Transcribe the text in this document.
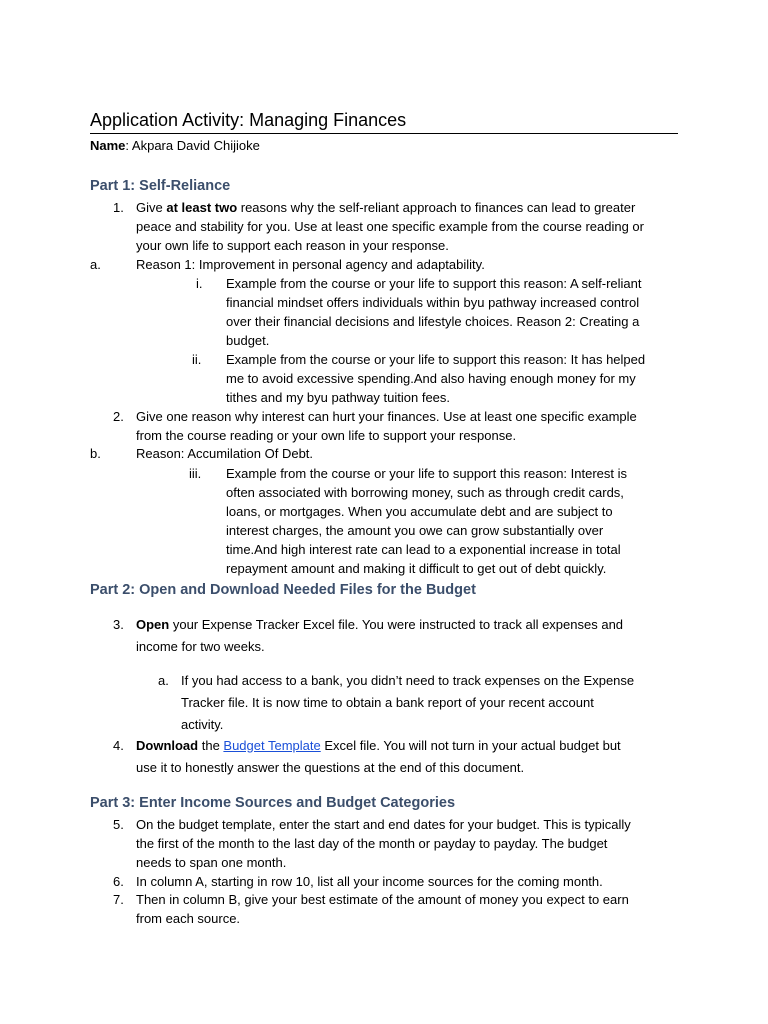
Application Activity: Managing Finances
Name: Akpara David Chijioke
Part 1: Self-Reliance
1. Give at least two reasons why the self-reliant approach to finances can lead to greater
peace and stability for you. Use at least one specific example from the course reading or
your own life to support each reason in your response.
a.	Reason 1: Improvement in personal agency and adaptability.
i. Example from the course or your life to support this reason: A self-reliant
financial mindset offers individuals within byu pathway increased control
over their financial decisions and lifestyle choices. Reason 2: Creating a
budget.
ii. Example from the course or your life to support this reason: It has helped
me to avoid excessive spending.And also having enough money for my
tithes and my byu pathway tuition fees.
2. Give one reason why interest can hurt your finances. Use at least one specific example
from the course reading or your own life to support your response.
b.	Reason: Accumilation Of Debt.
iii. Example from the course or your life to support this reason: Interest is
often associated with borrowing money, such as through credit cards,
loans, or mortgages. When you accumulate debt and are subject to
interest charges, the amount you owe can grow substantially over
time.And high interest rate can lead to a exponential increase in total
repayment amount and making it difficult to get out of debt quickly.
Part 2: Open and Download Needed Files for the Budget
3. Open your Expense Tracker Excel file. You were instructed to track all expenses and
income for two weeks.
a. If you had access to a bank, you didn’t need to track expenses on the Expense
Tracker file. It is now time to obtain a bank report of your recent account
activity.
4. Download the Budget Template Excel file. You will not turn in your actual budget but
use it to honestly answer the questions at the end of this document.
Part 3: Enter Income Sources and Budget Categories
5. On the budget template, enter the start and end dates for your budget. This is typically
the first of the month to the last day of the month or payday to payday. The budget
needs to span one month.
6. In column A, starting in row 10, list all your income sources for the coming month.
7. Then in column B, give your best estimate of the amount of money you expect to earn
from each source.
